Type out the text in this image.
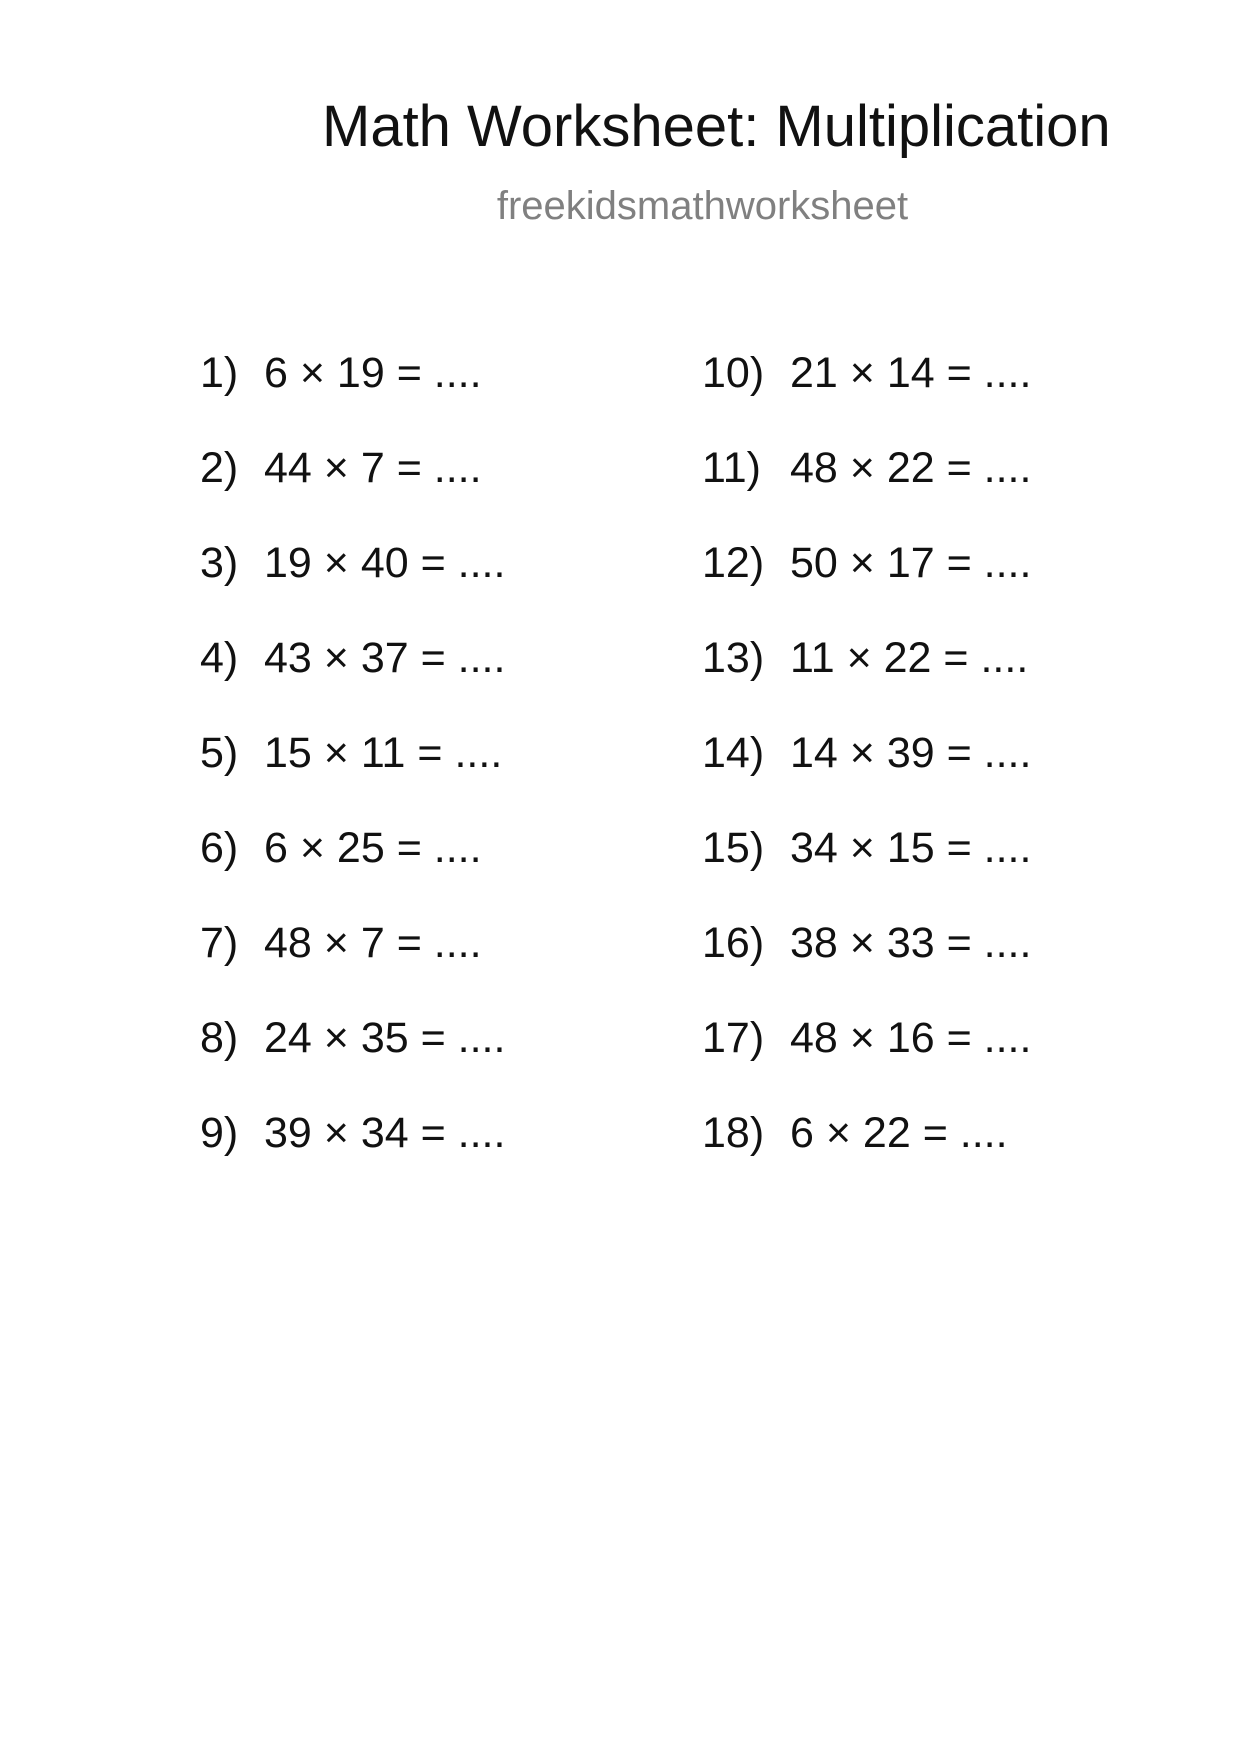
Math Worksheet: Multiplication
freekidsmathworksheet
1) 6 × 19 = ....
2) 44 × 7 = ....
3) 19 × 40 = ....
4) 43 × 37 = ....
5) 15 × 11 = ....
6) 6 × 25 = ....
7) 48 × 7 = ....
8) 24 × 35 = ....
9) 39 × 34 = ....
10) 21 × 14 = ....
11) 48 × 22 = ....
12) 50 × 17 = ....
13) 11 × 22 = ....
14) 14 × 39 = ....
15) 34 × 15 = ....
16) 38 × 33 = ....
17) 48 × 16 = ....
18) 6 × 22 = ....
